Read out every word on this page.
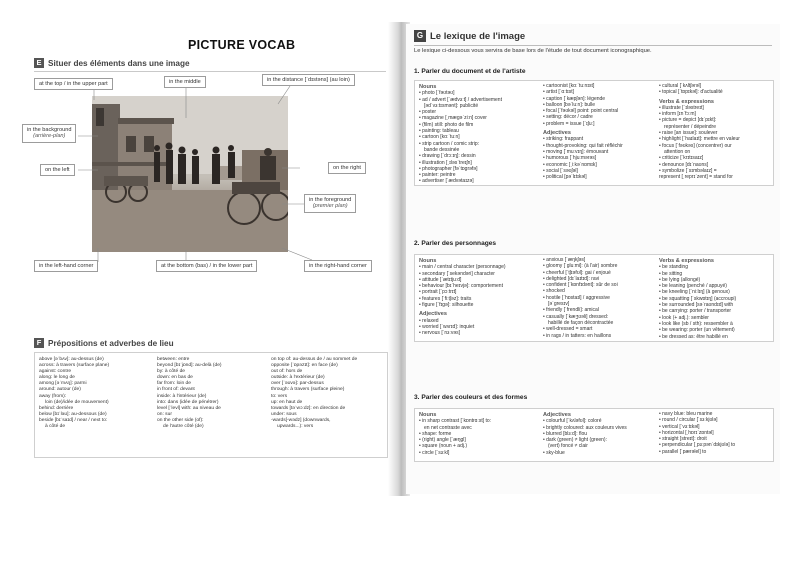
PICTURE VOCAB
E Situer des éléments dans une image
at the top / in the upper part	in the middle	in the distance [ˈdɪstəns] (au loin)
in the background
(arrière-plan)
on the left	on the right
in the foreground
(premier plan)
in the left-hand corner	at the bottom (bas) / in the lower part	in the right-hand corner
F Prépositions et adverbes de lieu
above [əˈbʌv]: au-dessus (de)
across: à travers (surface plane)
against: contre
along: le long de
among [əˈmʌŋ]: parmi
around: autour (de)
away (from):
loin (de)/idée de mouvement)
behind: derrière
below [bɪˈləʊ]: au-dessous (de)
beside [bɪˈsaɪd] / near / next to:
à côté de
between: entre
beyond [bɪˈjɒnd]: au-delà (de)
by: à côté de
down: en bas de
far from: loin de
in front of: devant
inside: à l'intérieur (de)
into: dans (idée de pénétrer)
level [ˈlevl] with: au niveau de
on: sur
on the other side (of):
de l'autre côté (de)
on top of: au-dessus de / au sommet de
opposite [ˈɒpəzɪt]: en face (de)
out of: hors de
outside: à l'extérieur (de)
over [ˈəʊvə]: par-dessus
through: à travers (surface pleine)
to: vers
up: en haut de
towards [təˈwɔːdz]: en direction de
under: sous
-wards[-wədz] (downwards,
upwards...): vers
G Le lexique de l'image
Le lexique ci-dessous vous servira de base lors de l'étude de tout document iconographique.
1. Parler du document et de l'artiste
Nouns
• photo [ˈfəʊtəʊ]
• ad / advert [ˈædvɜːt] / advertisement
[ədˈvɜːtɪsmənt]: publicité
• poster
• magazine [ˌmægəˈziːn] cover
• (film) still: photo de film
• painting: tableau
• cartoon [kɑːˈtuːn]
• strip cartoon / comic strip:
bande dessinée
• drawing [ˈdrɔːɪŋ]: dessin
• illustration [ˌɪləsˈtreɪʃn]
• photographer [fəˈtɒgrəfə]
• painter: peintre
• advertiser [ˈædvətaɪzə]
• cartoonist [kɑːˈtuːnɪst]
• artist [ˈɑːtɪst]
• caption [ˈkæpʃən]: légende
• balloon [bəˈluːn]: bulle
• focal [ˈfəʊkəl] point: point central
• setting: décor / cadre
• problem = issue [ˈɪʃuː]
Adjectives
• striking: frappant
• thought-provoking: qui fait réfléchir
• moving [ˈmuːvɪŋ]: émouvant
• humorous [ˈhjuːmərəs]
• economic [ˌiːkəˈnɒmɪk]
• social [ˈsəʊʃəl]
• political [pəˈlɪtɪkəl]
• cultural [ˈkʌltʃərəl]
• topical [ˈtɒpɪkəl]: d'actualité
Verbs & expressions
• illustrate [ˈɪləstreɪt]
• inform [ɪnˈfɔːm]
• picture = depict [dɪˈpɪkt]:
représenter / dépeindre
• raise [an issue]: soulever
• highlight [ˈhaɪlaɪt]: mettre en valeur
• focus [ˈfəʊkəs] (concentrer) our
attention on
• criticize [ˈkrɪtɪsaɪz]
• denounce [dɪˈnaʊns]
• symbolize [ˈsɪmbəlaɪz] =
represent [ˌreprɪˈzent] = stand for
2. Parler des personnages
Nouns
• main / central character (personnage)
• secondary [ˈsekəndəri] character
• attitude [ˈætɪtjuːd]
• behaviour [bɪˈheɪvjə]: comportement
• portrait [ˈpɔːtrɪt]
• features [ˈfiːtʃəz]: traits
• figure [ˈfɪgə]: silhouette
Adjectives
• relaxed
• worried [ˈwʌrɪd]: inquiet
• nervous [ˈnɜːvəs]
• anxious [ˈæŋkʃəs]
• gloomy [ˈgluːmi]: (à l'air) sombre
• cheerful [ˈtʃɪəfʊl]: gai / enjoué
• delighted [dɪˈlaɪtɪd]: ravi
• confident [ˈkɒnfɪdənt]: sûr de soi
• shocked
• hostile [ˈhɒstaɪl] / aggressive
[əˈgresɪv]
• friendly [ˈfrendli]: amical
• casually [ˈkæʒʊəli] dressed:
habillé de façon décontractée
• well-dressed = smart
• in rags / in tatters: en haillons
Verbs & expressions
• be standing
• be sitting
• be lying (allongé)
• be leaning (penché / appuyé)
• be kneeling [ˈniːlɪŋ] (à genoux)
• be squatting [ˈskwɒtɪŋ] (accroupi)
• be surrounded [səˈraʊndɪd] with
• be carrying: porter / transporter
• look (+ adj.): sembler
• look like (sb / sth): ressembler à
• be wearing: porter (un vêtement)
• be dressed as: être habillé en
3. Parler des couleurs et des formes
Nouns
• in sharp contrast [ˈkɒntrɑːst] to:
en net contraste avec
• shape: forme
• (right) angle [ˈæŋgl]
• square (noun + adj.)
• circle [ˈsɜːkl]
Adjectives
• colourful [ˈkʌləfʊl]: coloré
• brightly coloured: aux couleurs vives
• blurred [blɜːd]: flou
• dark (green) ≠ light (green):
(vert) foncé ≠ clair
• sky-blue
• navy blue: bleu marine
• round / circular [ˈsɜːkjʊlə]
• vertical [ˈvɜːtɪkəl]
• horizontal [ˌhɒrɪˈzɒntəl]
• straight [streɪt]: droit
• perpendicular [ˌpɜːpənˈdɪkjʊlə] to
• parallel [ˈpærəlel] to
